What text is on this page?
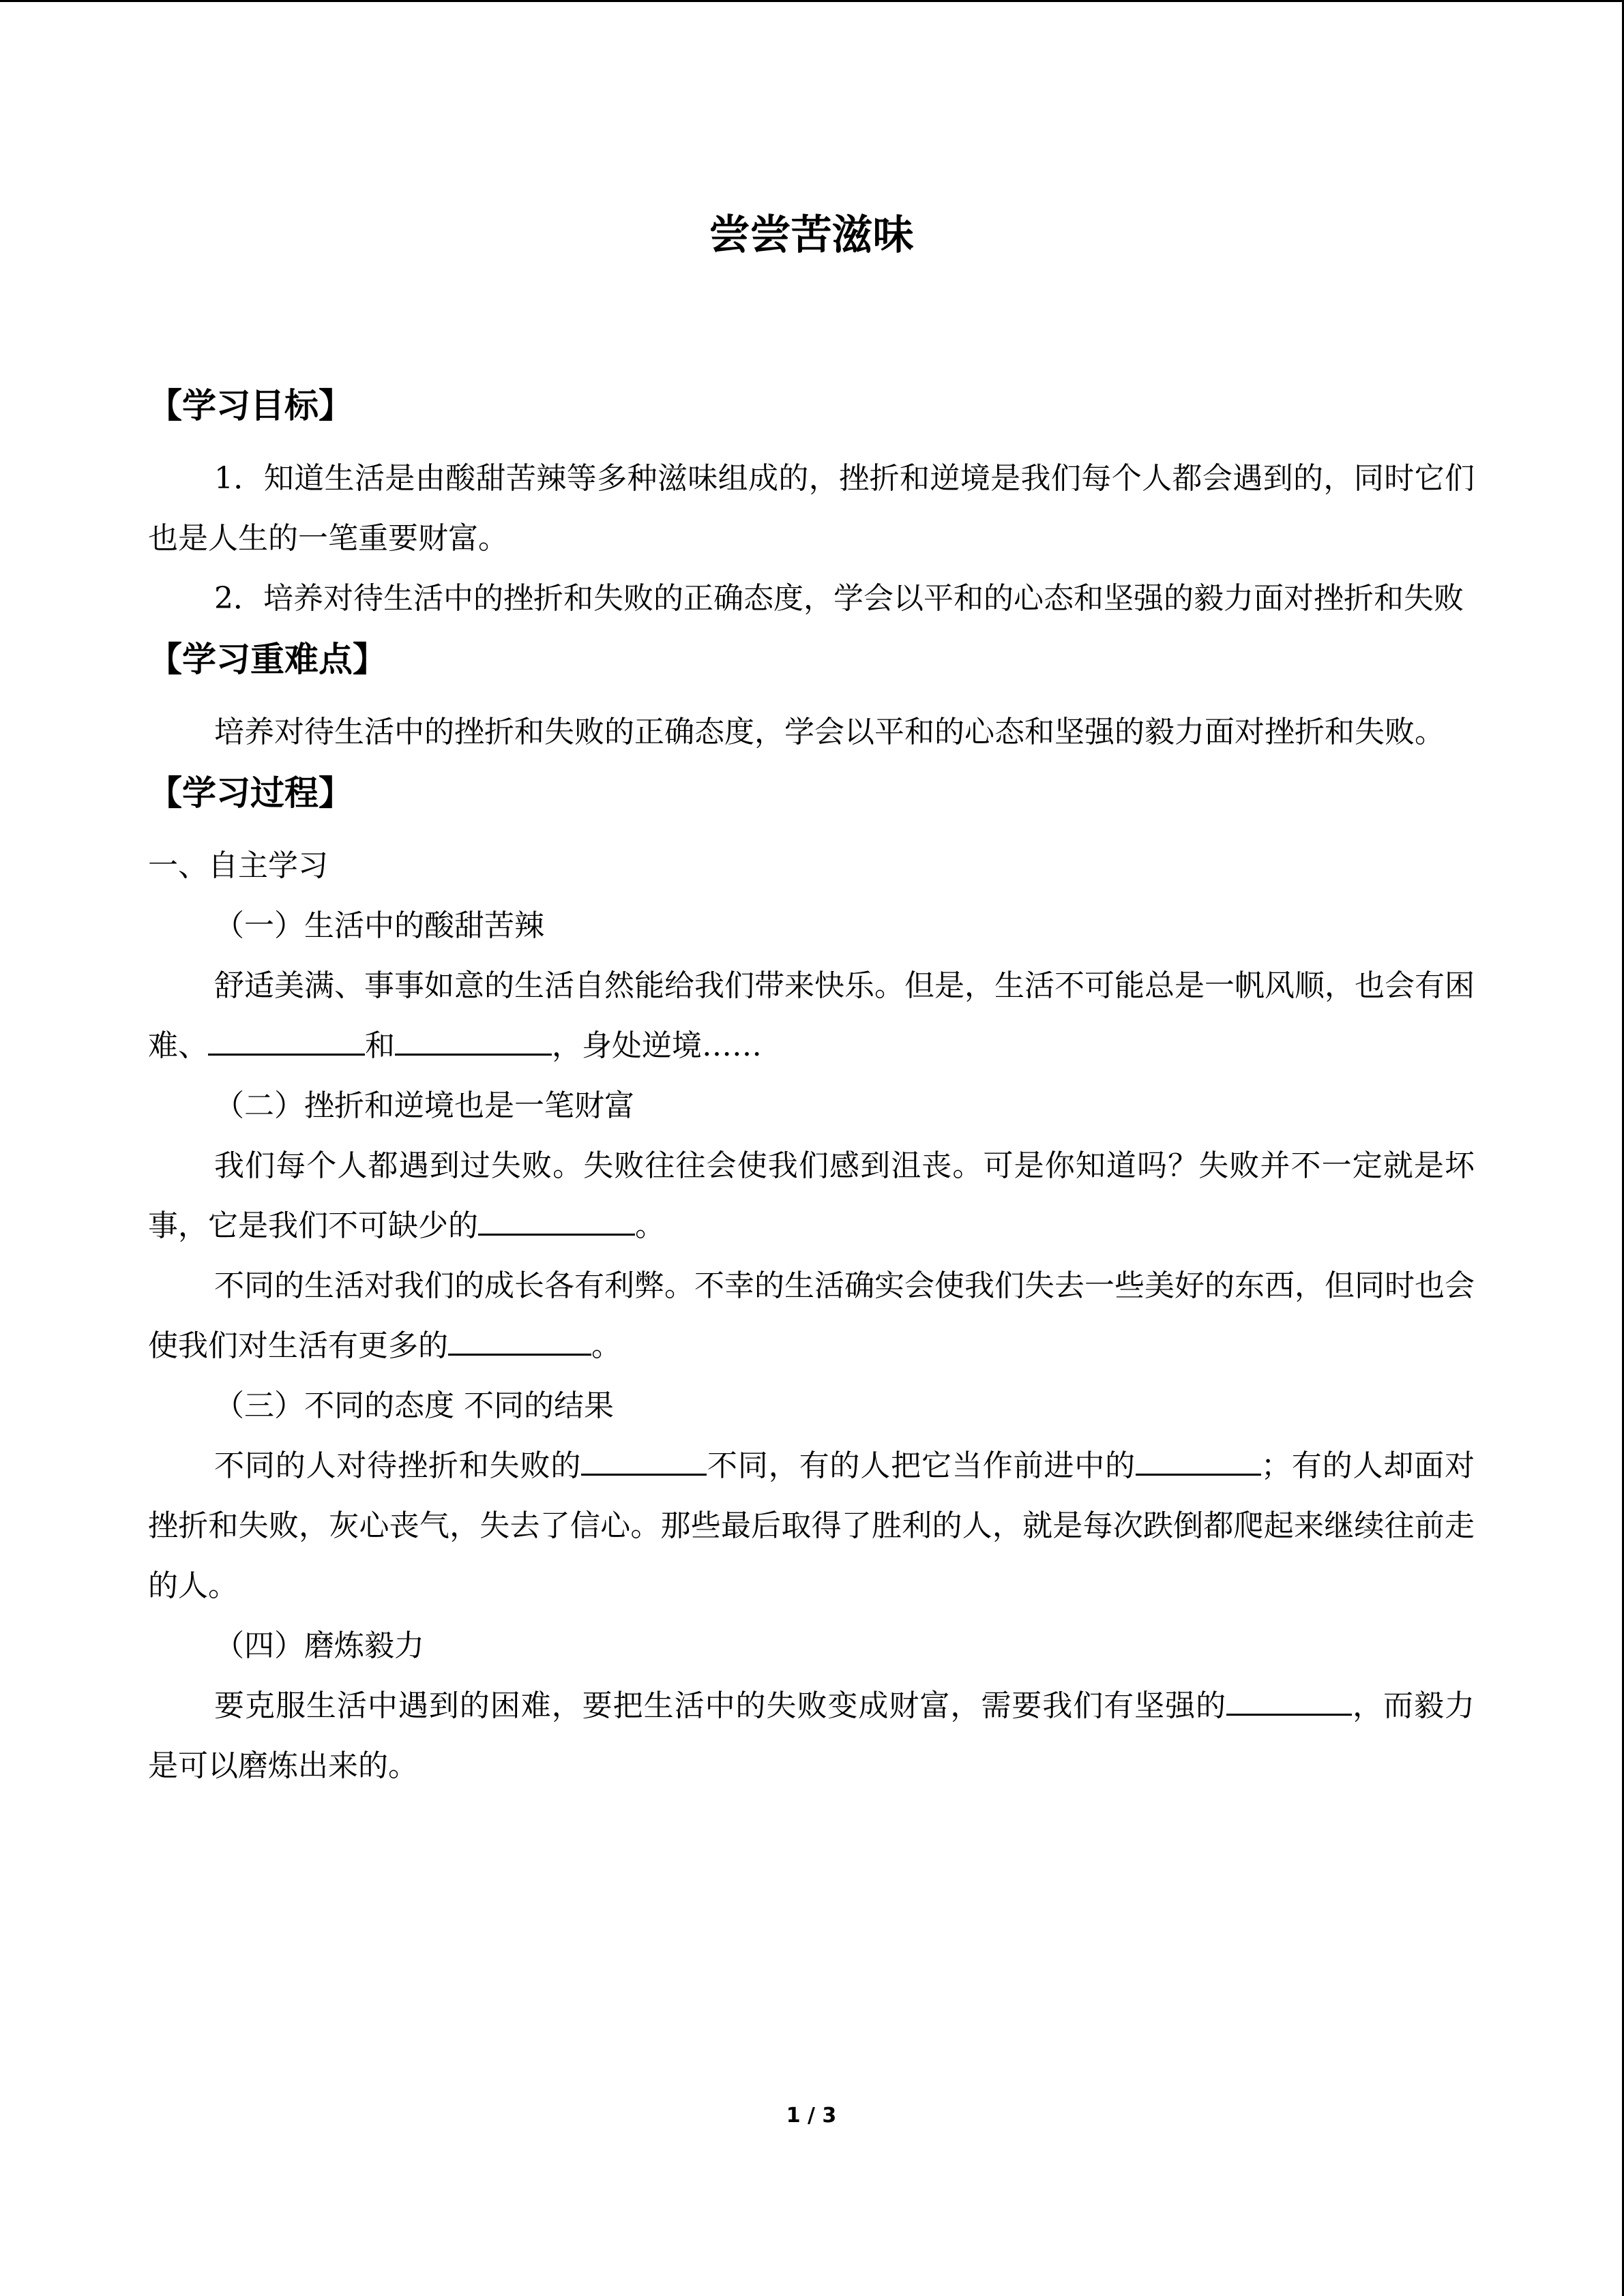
尝尝苦滋味
【学习目标】

1．知道生活是由酸甜苦辣等多种滋味组成的，挫折和逆境是我们每个人都会遇到的，同时它们也是人生的一笔重要财富。

2．培养对待生活中的挫折和失败的正确态度，学会以平和的心态和坚强的毅力面对挫折和失败

【学习重难点】

培养对待生活中的挫折和失败的正确态度，学会以平和的心态和坚强的毅力面对挫折和失败。

【学习过程】

一、自主学习

（一）生活中的酸甜苦辣

舒适美满、事事如意的生活自然能给我们带来快乐。但是，生活不可能总是一帆风顺，也会有困难、	和	，身处逆境……

（二）挫折和逆境也是一笔财富

我们每个人都遇到过失败。失败往往会使我们感到沮丧。可是你知道吗？失败并不一定就是坏事，它是我们不可缺少的	。

不同的生活对我们的成长各有利弊。不幸的生活确实会使我们失去一些美好的东西，但同时也会使我们对生活有更多的	。

（三）不同的态度 不同的结果

不同的人对待挫折和失败的	不同，有的人把它当作前进中的	；有的人却面对挫折和失败，灰心丧气，失去了信心。那些最后取得了胜利的人，就是每次跌倒都爬起来继续往前走的人。

（四）磨炼毅力

要克服生活中遇到的困难，要把生活中的失败变成财富，需要我们有坚强的	，而毅力是可以磨炼出来的。

1 / 3
